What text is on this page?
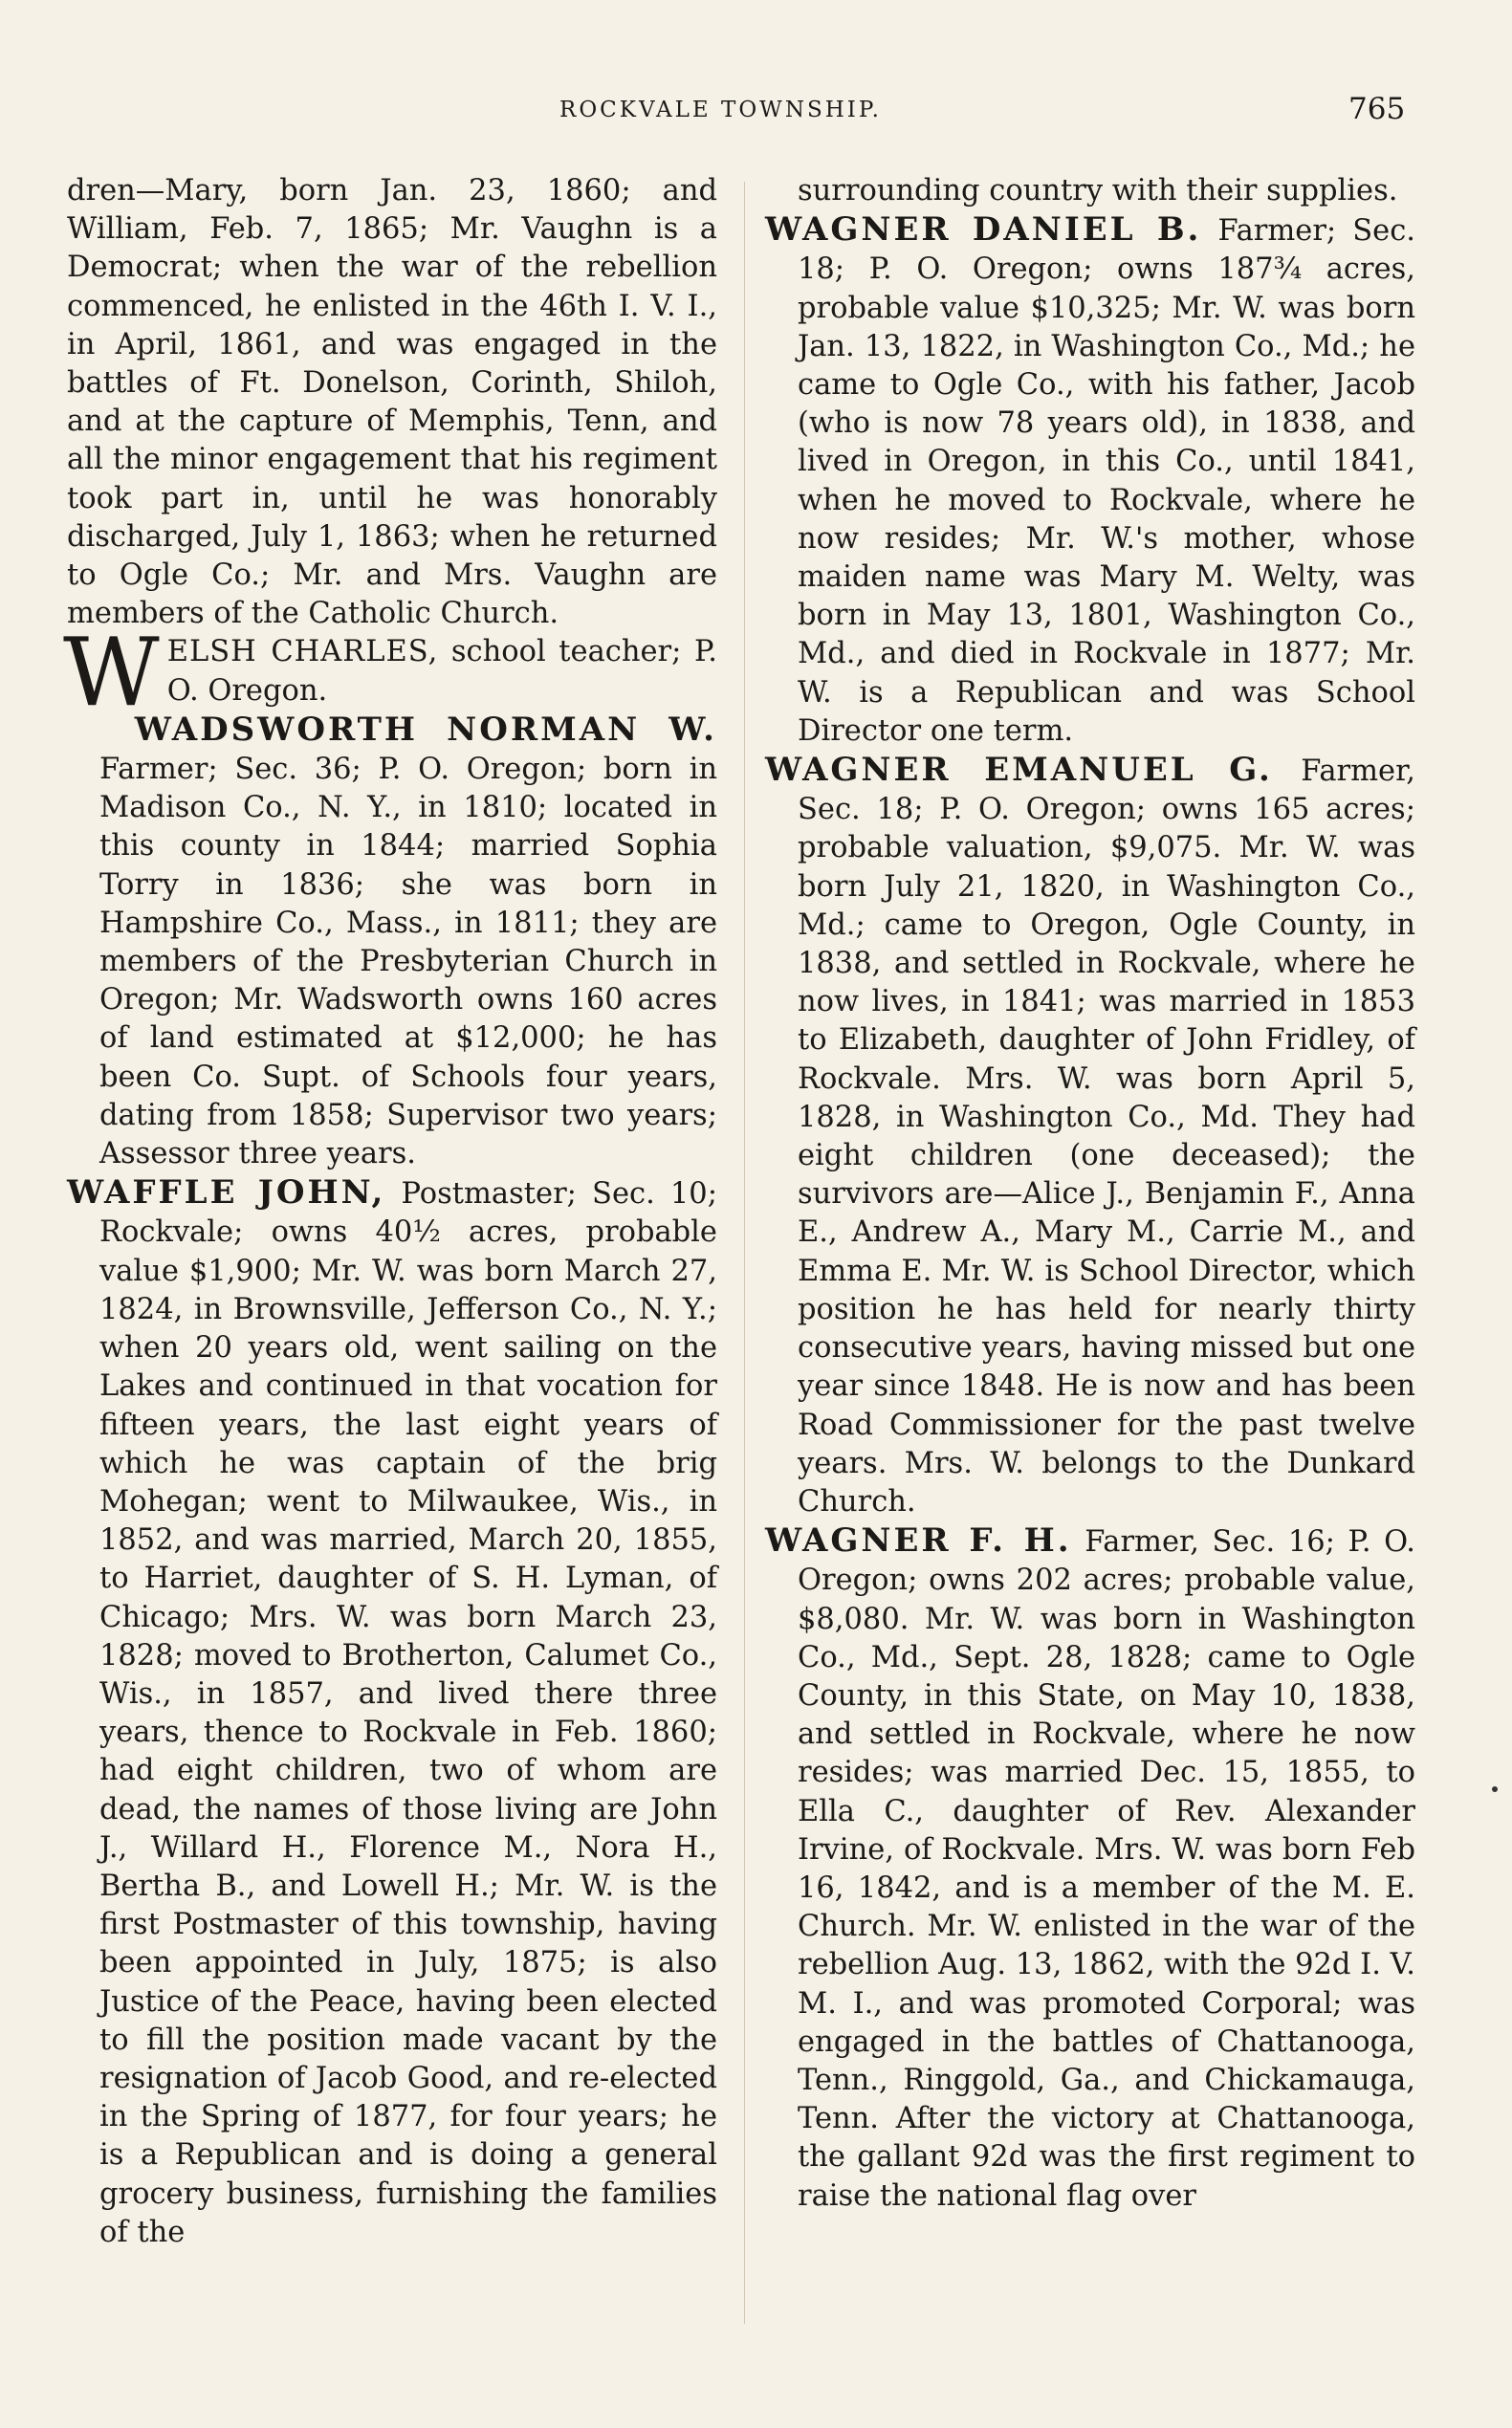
ROCKVALE TOWNSHIP.	765

dren—Mary, born Jan. 23, 1860; and William, Feb. 7, 1865; Mr. Vaughn is a Democrat; when the war of the rebellion commenced, he enlisted in the 46th I. V. I., in April, 1861, and was engaged in the battles of Ft. Donelson, Corinth, Shiloh, and at the capture of Memphis, Tenn, and all the minor engagement that his regiment took part in, until he was honorably discharged, July 1, 1863; when he returned to Ogle Co.; Mr. and Mrs. Vaughn are members of the Catholic Church.

WELSH CHARLES, school teacher; P. O. Oregon.

WADSWORTH NORMAN W. Farmer; Sec. 36; P. O. Oregon; born in Madison Co., N. Y., in 1810; located in this county in 1844; married Sophia Torry in 1836; she was born in Hampshire Co., Mass., in 1811; they are members of the Presbyterian Church in Oregon; Mr. Wadsworth owns 160 acres of land estimated at $12,000; he has been Co. Supt. of Schools four years, dating from 1858; Supervisor two years; Assessor three years.

WAFFLE JOHN, Postmaster; Sec. 10; Rockvale; owns 40½ acres, probable value $1,900; Mr. W. was born March 27, 1824, in Brownsville, Jefferson Co., N. Y.; when 20 years old, went sailing on the Lakes and continued in that vocation for fifteen years, the last eight years of which he was captain of the brig Mohegan; went to Milwaukee, Wis., in 1852, and was married, March 20, 1855, to Harriet, daughter of S. H. Lyman, of Chicago; Mrs. W. was born March 23, 1828; moved to Brotherton, Calumet Co., Wis., in 1857, and lived there three years, thence to Rockvale in Feb. 1860; had eight children, two of whom are dead, the names of those living are John J., Willard H., Florence M., Nora H., Bertha B., and Lowell H.; Mr. W. is the first Postmaster of this township, having been appointed in July, 1875; is also Justice of the Peace, having been elected to fill the position made vacant by the resignation of Jacob Good, and re-elected in the Spring of 1877, for four years; he is a Republican and is doing a general grocery business, furnishing the families of the

surrounding country with their supplies.

WAGNER DANIEL B. Farmer; Sec. 18; P. O. Oregon; owns 187¾ acres, probable value $10,325; Mr. W. was born Jan. 13, 1822, in Washington Co., Md.; he came to Ogle Co., with his father, Jacob (who is now 78 years old), in 1838, and lived in Oregon, in this Co., until 1841, when he moved to Rockvale, where he now resides; Mr. W.'s mother, whose maiden name was Mary M. Welty, was born in May 13, 1801, Washington Co., Md., and died in Rockvale in 1877; Mr. W. is a Republican and was School Director one term.

WAGNER EMANUEL G. Farmer, Sec. 18; P. O. Oregon; owns 165 acres; probable valuation, $9,075. Mr. W. was born July 21, 1820, in Washington Co., Md.; came to Oregon, Ogle County, in 1838, and settled in Rockvale, where he now lives, in 1841; was married in 1853 to Elizabeth, daughter of John Fridley, of Rockvale. Mrs. W. was born April 5, 1828, in Washington Co., Md. They had eight children (one deceased); the survivors are—Alice J., Benjamin F., Anna E., Andrew A., Mary M., Carrie M., and Emma E. Mr. W. is School Director, which position he has held for nearly thirty consecutive years, having missed but one year since 1848. He is now and has been Road Commissioner for the past twelve years. Mrs. W. belongs to the Dunkard Church.

WAGNER F. H. Farmer, Sec. 16; P. O. Oregon; owns 202 acres; probable value, $8,080. Mr. W. was born in Washington Co., Md., Sept. 28, 1828; came to Ogle County, in this State, on May 10, 1838, and settled in Rockvale, where he now resides; was married Dec. 15, 1855, to Ella C., daughter of Rev. Alexander Irvine, of Rockvale. Mrs. W. was born Feb 16, 1842, and is a member of the M. E. Church. Mr. W. enlisted in the war of the rebellion Aug. 13, 1862, with the 92d I. V. M. I., and was promoted Corporal; was engaged in the battles of Chattanooga, Tenn., Ringgold, Ga., and Chickamauga, Tenn. After the victory at Chattanooga, the gallant 92d was the first regiment to raise the national flag over
